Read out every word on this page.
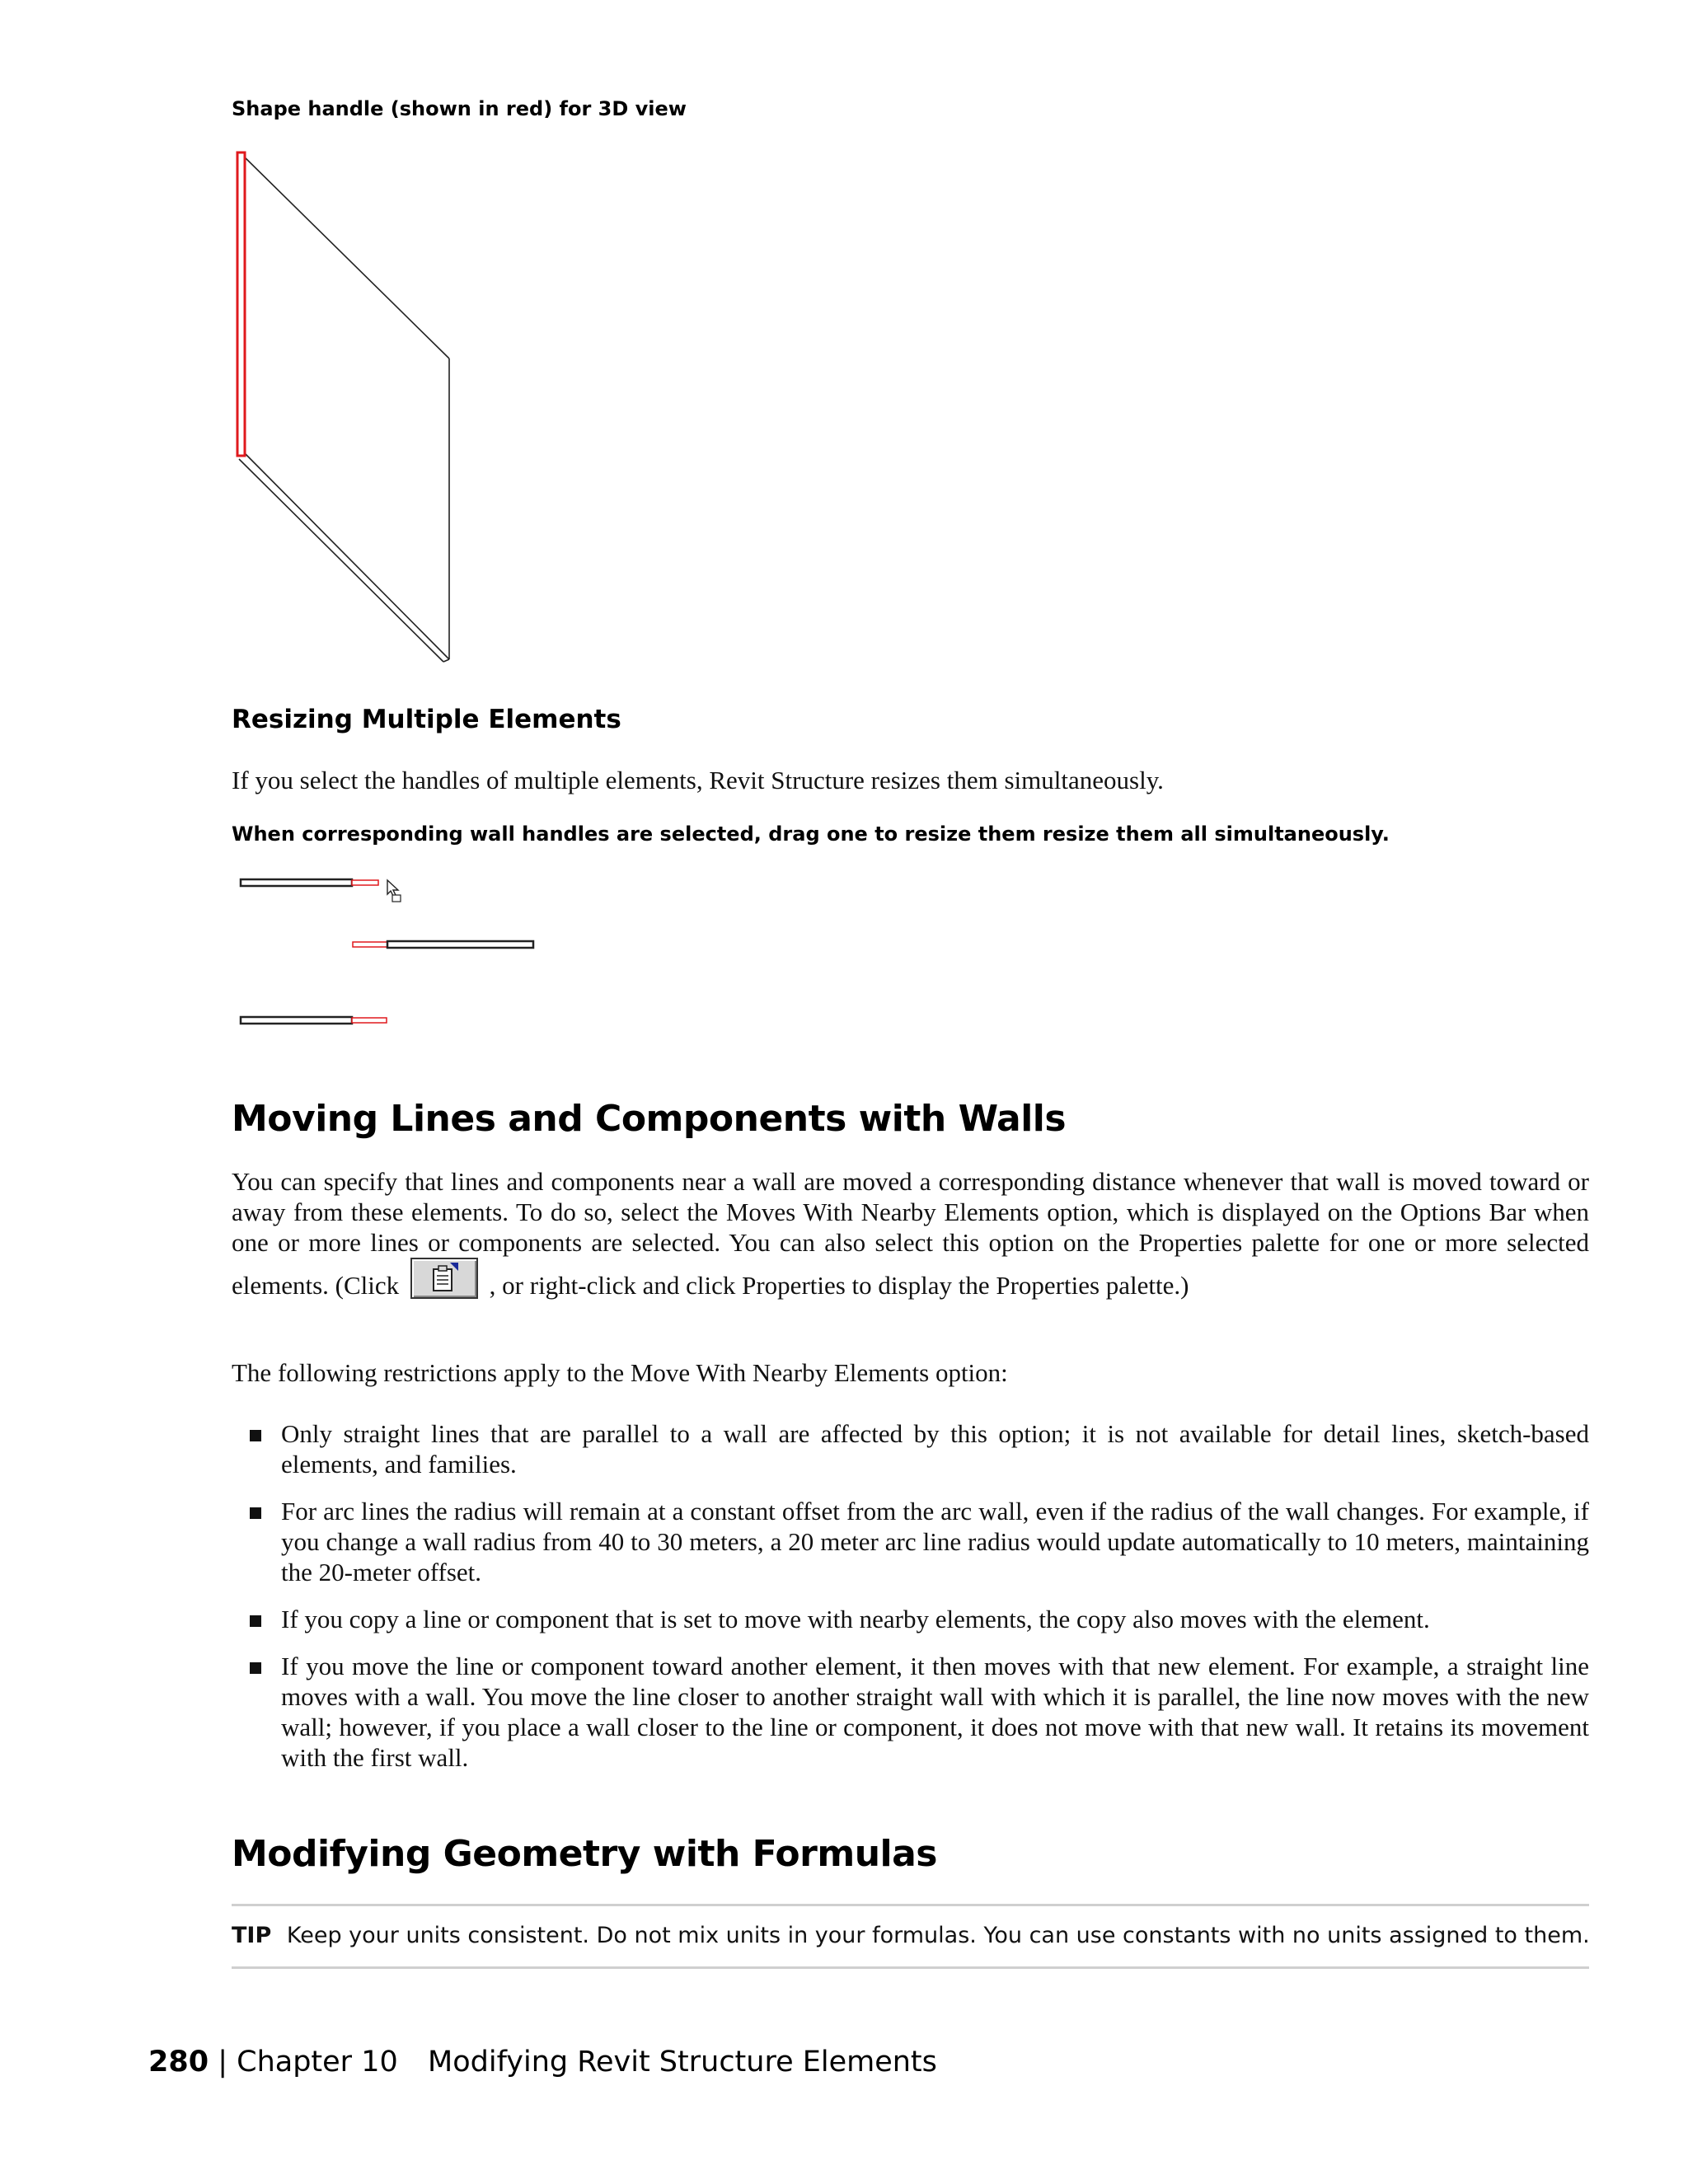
Shape handle (shown in red) for 3D view
Resizing Multiple Elements

If you select the handles of multiple elements, Revit Structure resizes them simultaneously.

When corresponding wall handles are selected, drag one to resize them resize them all simultaneously.
Moving Lines and Components with Walls

You can specify that lines and components near a wall are moved a corresponding distance whenever that wall is moved toward or away from these elements. To do so, select the Moves With Nearby Elements option, which is displayed on the Options Bar when one or more lines or components are selected. You can also select this option on the Properties palette for one or more selected elements. (Click	, or right-click and click Properties to display the Properties palette.)

The following restrictions apply to the Move With Nearby Elements option:
Only straight lines that are parallel to a wall are affected by this option; it is not available for detail lines, sketch-based elements, and families.
For arc lines the radius will remain at a constant offset from the arc wall, even if the radius of the wall changes. For example, if you change a wall radius from 40 to 30 meters, a 20 meter arc line radius would update automatically to 10 meters, maintaining the 20-meter offset.
If you copy a line or component that is set to move with nearby elements, the copy also moves with the element.
If you move the line or component toward another element, it then moves with that new element. For example, a straight line moves with a wall. You move the line closer to another straight wall with which it is parallel, the line now moves with the new wall; however, if you place a wall closer to the line or component, it does not move with that new wall. It retains its movement with the first wall.
Modifying Geometry with Formulas
TIP Keep your units consistent. Do not mix units in your formulas. You can use constants with no units assigned to them.
280 | Chapter 10 Modifying Revit Structure Elements
